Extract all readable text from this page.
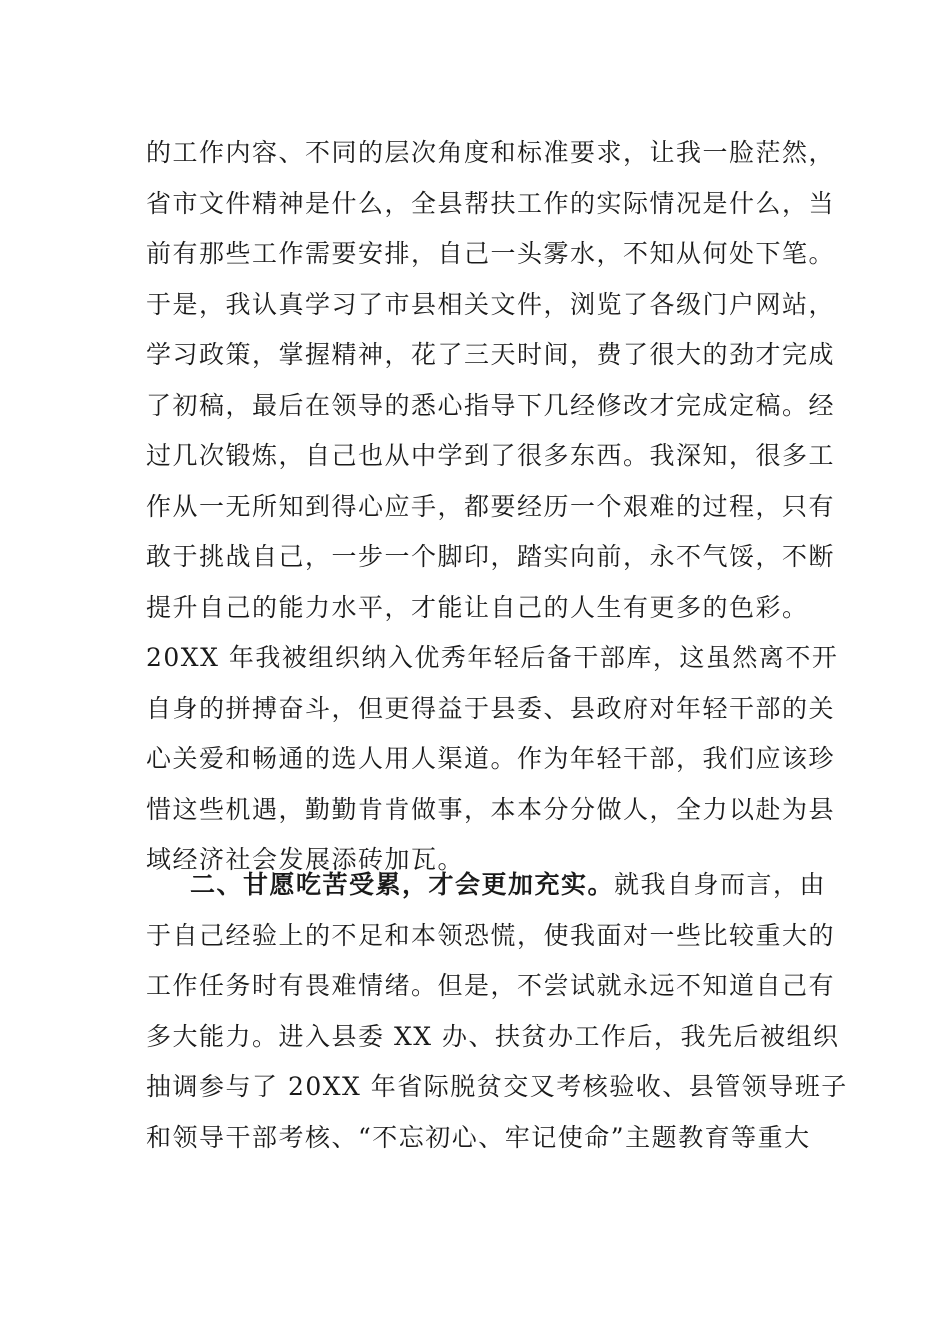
的工作内容、不同的层次角度和标准要求，让我一脸茫然，
省市文件精神是什么，全县帮扶工作的实际情况是什么，当
前有那些工作需要安排，自己一头雾水，不知从何处下笔。
于是，我认真学习了市县相关文件，浏览了各级门户网站，
学习政策，掌握精神，花了三天时间，费了很大的劲才完成
了初稿，最后在领导的悉心指导下几经修改才完成定稿。经
过几次锻炼，自己也从中学到了很多东西。我深知，很多工
作从一无所知到得心应手，都要经历一个艰难的过程，只有
敢于挑战自己，一步一个脚印，踏实向前，永不气馁，不断
提升自己的能力水平，才能让自己的人生有更多的色彩。
20XX 年我被组织纳入优秀年轻后备干部库，这虽然离不开
自身的拼搏奋斗，但更得益于县委、县政府对年轻干部的关
心关爱和畅通的选人用人渠道。作为年轻干部，我们应该珍
惜这些机遇，勤勤肯肯做事，本本分分做人，全力以赴为县
域经济社会发展添砖加瓦。
二、甘愿吃苦受累，才会更加充实。就我自身而言，由
于自己经验上的不足和本领恐慌，使我面对一些比较重大的
工作任务时有畏难情绪。但是，不尝试就永远不知道自己有
多大能力。进入县委 XX 办、扶贫办工作后，我先后被组织
抽调参与了 20XX 年省际脱贫交叉考核验收、县管领导班子
和领导干部考核、“不忘初心、牢记使命”主题教育等重大
